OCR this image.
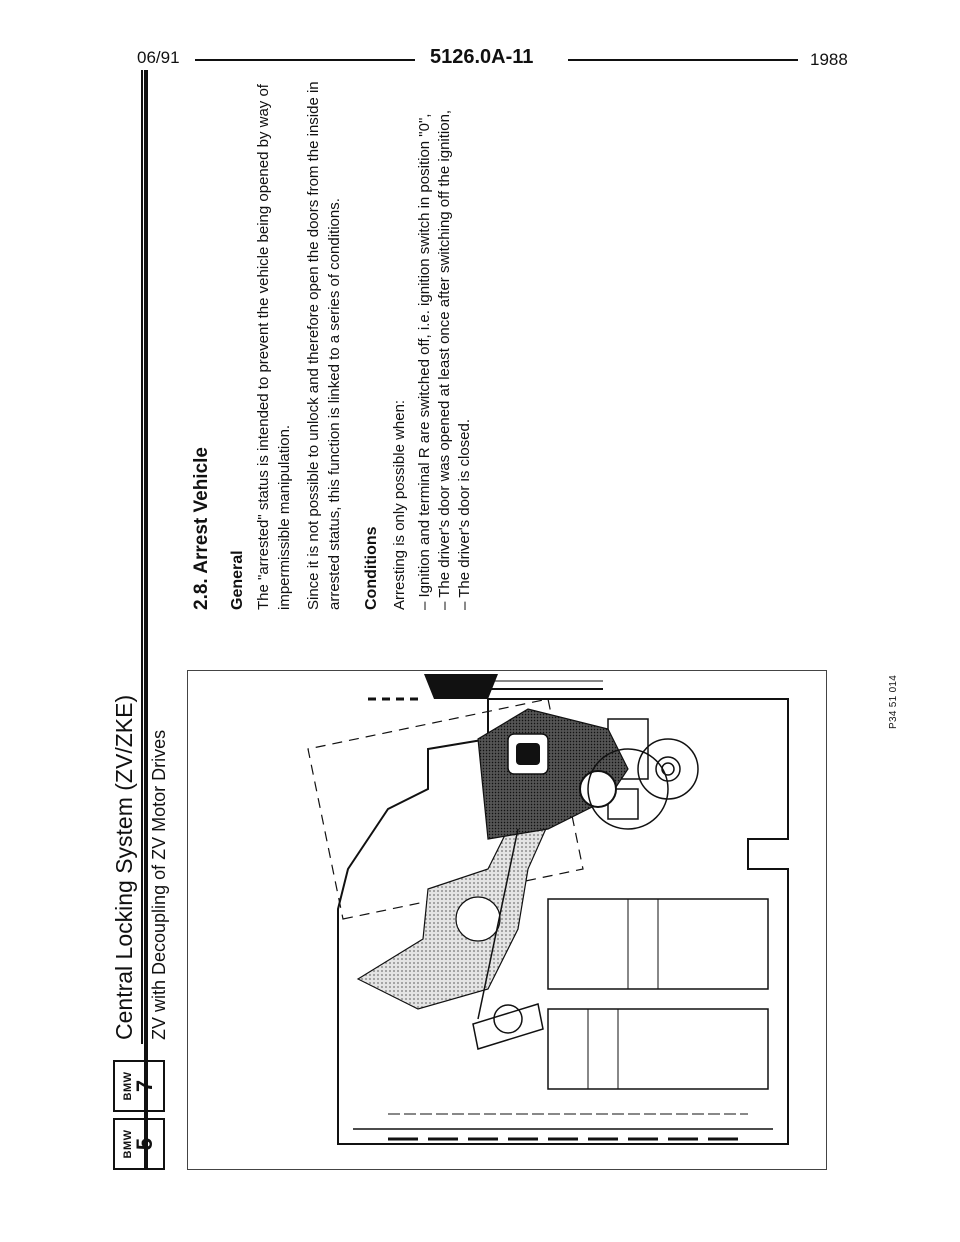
06/91	5126.0A-11	1988
BMW
5
BMW
7
Central Locking System (ZV/ZKE) ZV with Decoupling of ZV Motor Drives
P34 51 014
2.8. Arrest Vehicle General The "arrested" status is intended to prevent the vehicle being opened by way of impermissible manipulation. Since it is not possible to unlock and therefore open the doors from the inside in arrested status, this function is linked to a series of conditions. Conditions Arresting is only possible when: – Ignition and terminal R are switched off, i.e. ignition switch in position "0", – The driver's door was opened at least once after switching off the ignition, – The driver's door is closed.
